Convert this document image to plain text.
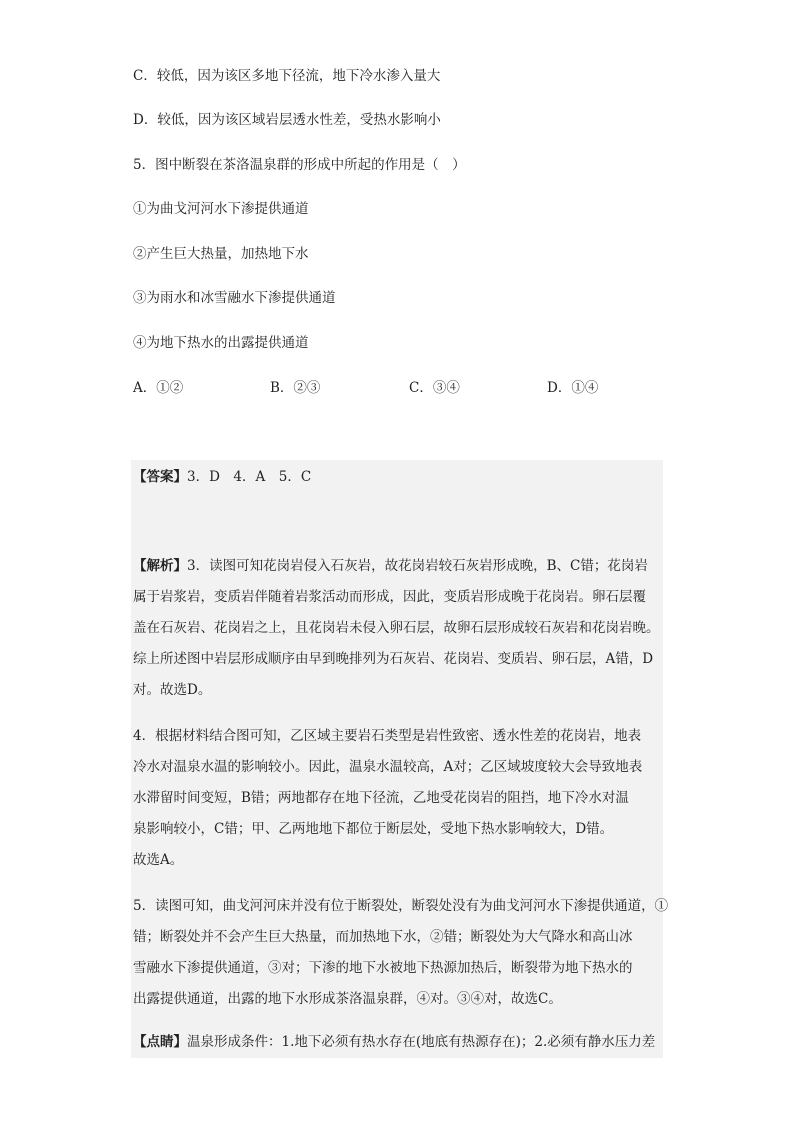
C．较低，因为该区多地下径流，地下冷水渗入量大
D．较低，因为该区域岩层透水性差，受热水影响小
5．图中断裂在茶洛温泉群的形成中所起的作用是（　）
①为曲戈河河水下渗提供通道
②产生巨大热量，加热地下水
③为雨水和冰雪融水下渗提供通道
④为地下热水的出露提供通道
A．①②	B．②③	C．③④	D．①④
【答案】3．D　4．A　5．C
【解析】3．读图可知花岗岩侵入石灰岩，故花岗岩较石灰岩形成晚，B、C错；花岗岩
属于岩浆岩，变质岩伴随着岩浆活动而形成，因此，变质岩形成晚于花岗岩。卵石层覆
盖在石灰岩、花岗岩之上，且花岗岩未侵入卵石层，故卵石层形成较石灰岩和花岗岩晚。
综上所述图中岩层形成顺序由早到晚排列为石灰岩、花岗岩、变质岩、卵石层，A错，D
对。故选D。
4．根据材料结合图可知，乙区域主要岩石类型是岩性致密、透水性差的花岗岩，地表
冷水对温泉水温的影响较小。因此，温泉水温较高，A对；乙区域坡度较大会导致地表
水滞留时间变短，B错；两地都存在地下径流，乙地受花岗岩的阻挡，地下冷水对温
泉影响较小，C错；甲、乙两地地下都位于断层处，受地下热水影响较大，D错。
故选A。
5．读图可知，曲戈河河床并没有位于断裂处，断裂处没有为曲戈河河水下渗提供通道，①
错；断裂处并不会产生巨大热量，而加热地下水，②错；断裂处为大气降水和高山冰
雪融水下渗提供通道，③对；下渗的地下水被地下热源加热后，断裂带为地下热水的
出露提供通道，出露的地下水形成茶洛温泉群，④对。③④对，故选C。
【点睛】温泉形成条件：1.地下必须有热水存在(地底有热源存在)；2.必须有静水压力差
